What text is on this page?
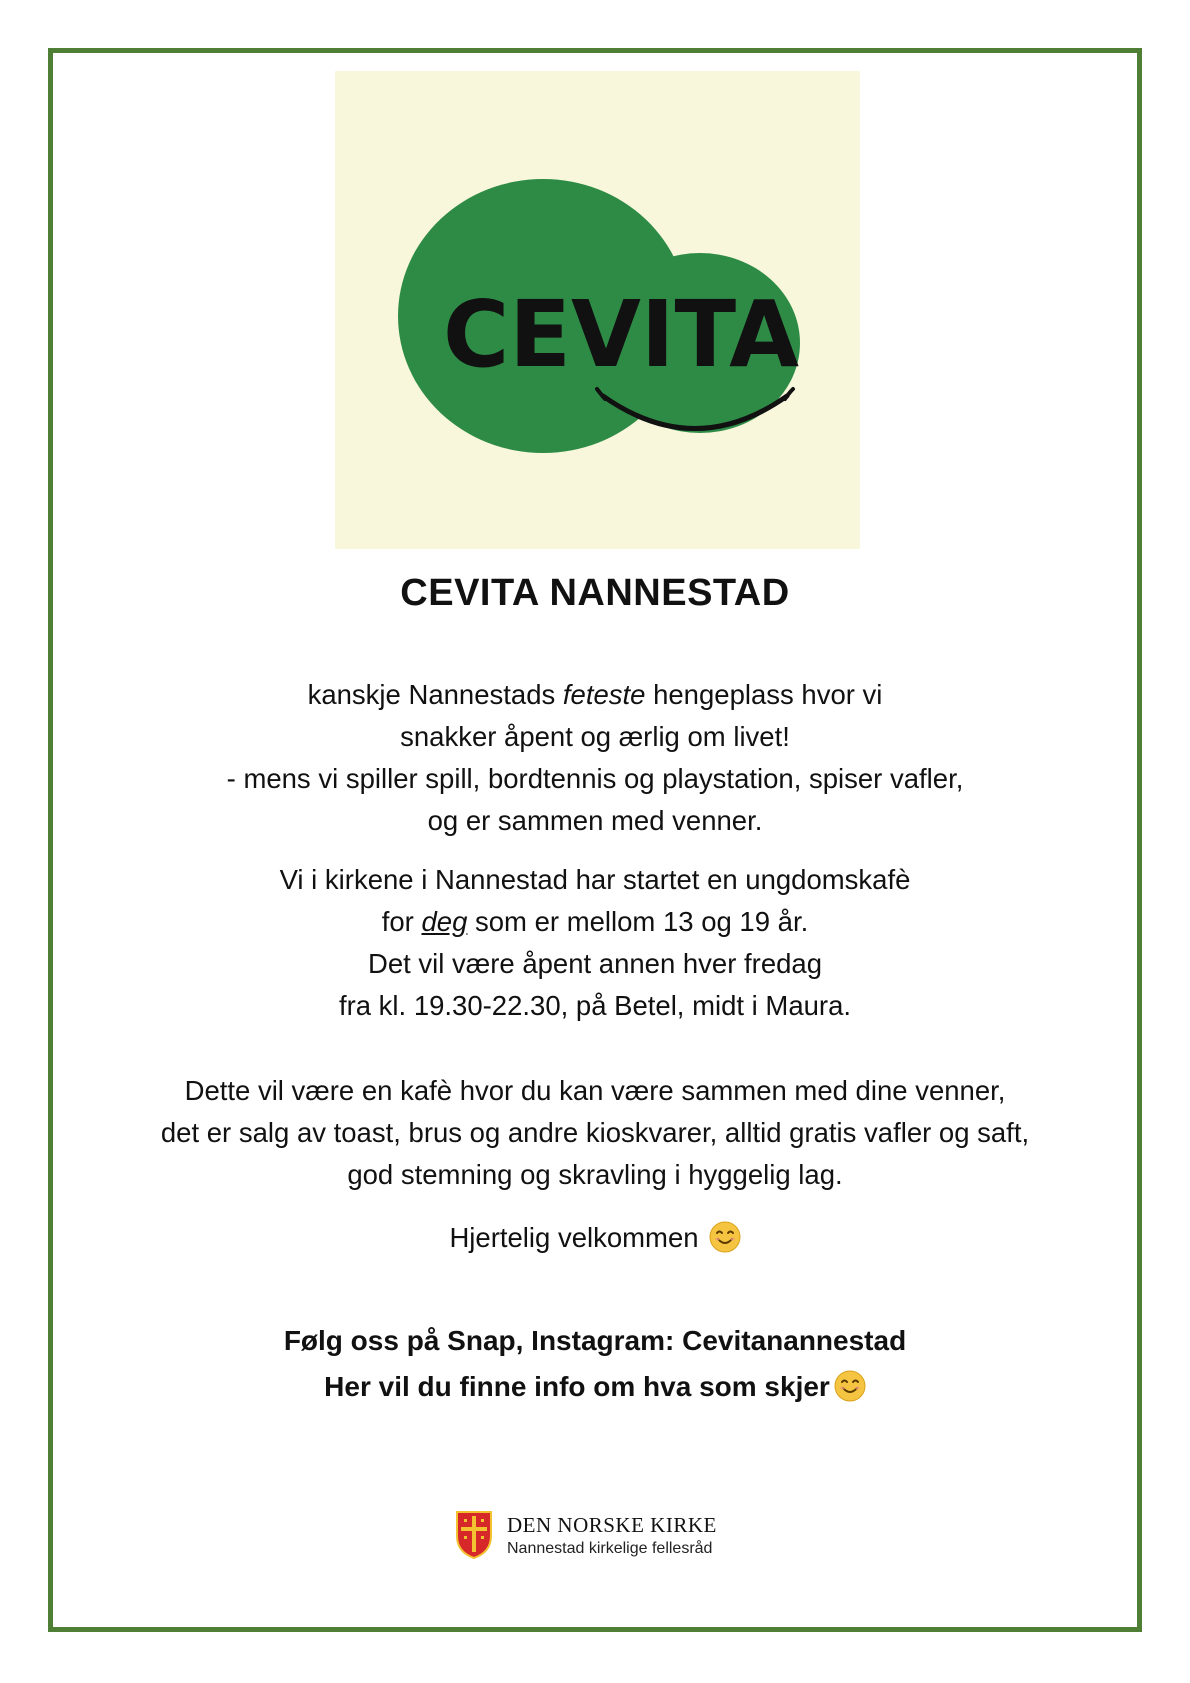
CEVITA
CEVITA NANNESTAD
kanskje Nannestads feteste hengeplass hvor vi
snakker åpent og ærlig om livet!
- mens vi spiller spill, bordtennis og playstation, spiser vafler,
og er sammen med venner.
Vi i kirkene i Nannestad har startet en ungdomskafè
for deg som er mellom 13 og 19 år.
Det vil være åpent annen hver fredag
fra kl. 19.30-22.30, på Betel, midt i Maura.
Dette vil være en kafè hvor du kan være sammen med dine venner,
det er salg av toast, brus og andre kioskvarer, alltid gratis vafler og saft,
god stemning og skravling i hyggelig lag.
Hjertelig velkommen
Følg oss på Snap, Instagram: Cevitanannestad
Her vil du finne info om hva som skjer
DEN NORSKE KIRKE
Nannestad kirkelige fellesråd
